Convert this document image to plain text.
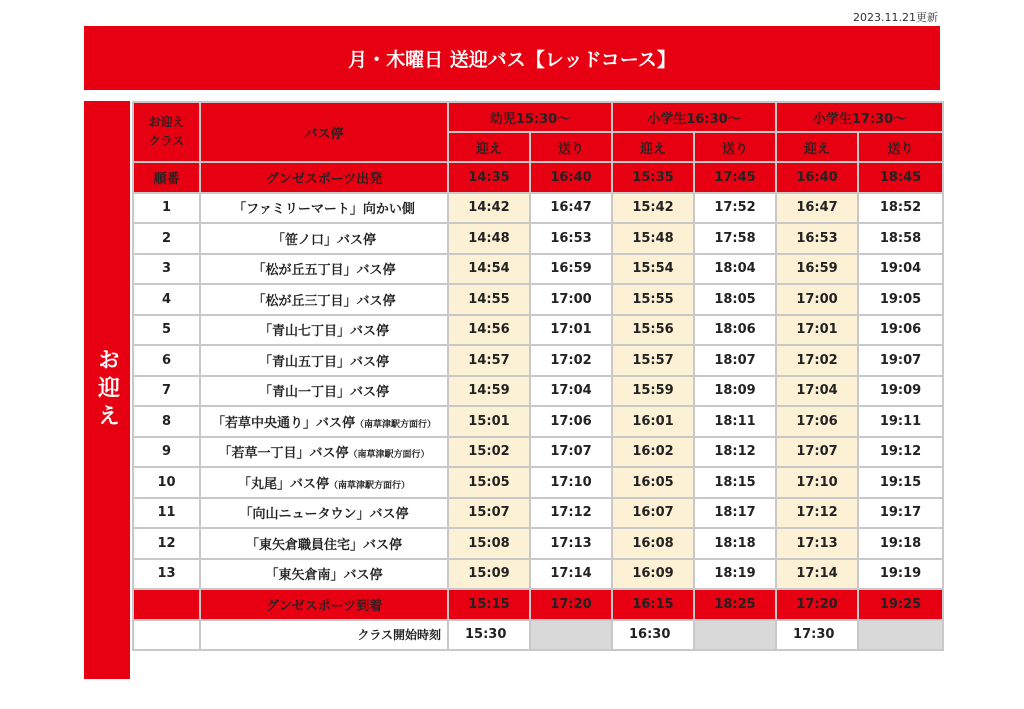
2023.11.21更新
月・木曜日 送迎バス【レッドコース】
お迎え
お迎え
クラス	バス停	幼児15:30～		小学生16:30～		小学生17:30～	
		迎え	送り	迎え	送り	迎え	送り
順番	グンゼスポーツ出発	14:35	16:40	15:35	17:45	16:40	18:45
1	「ファミリーマート」向かい側	14:42	16:47	15:42	17:52	16:47	18:52
2	「笹ノ口」バス停	14:48	16:53	15:48	17:58	16:53	18:58
3	「松が丘五丁目」バス停	14:54	16:59	15:54	18:04	16:59	19:04
4	「松が丘三丁目」バス停	14:55	17:00	15:55	18:05	17:00	19:05
5	「青山七丁目」バス停	14:56	17:01	15:56	18:06	17:01	19:06
6	「青山五丁目」バス停	14:57	17:02	15:57	18:07	17:02	19:07
7	「青山一丁目」バス停	14:59	17:04	15:59	18:09	17:04	19:09
8	「若草中央通り」バス停（南草津駅方面行）	15:01	17:06	16:01	18:11	17:06	19:11
9	「若草一丁目」バス停（南草津駅方面行）	15:02	17:07	16:02	18:12	17:07	19:12
10	「丸尾」バス停（南草津駅方面行）	15:05	17:10	16:05	18:15	17:10	19:15
11	「向山ニュータウン」バス停	15:07	17:12	16:07	18:17	17:12	19:17
12	「東矢倉職員住宅」バス停	15:08	17:13	16:08	18:18	17:13	19:18
13	「東矢倉南」バス停	15:09	17:14	16:09	18:19	17:14	19:19
	グンゼスポーツ到着	15:15	17:20	16:15	18:25	17:20	19:25
	クラス開始時刻	15:30		16:30		17:30	
